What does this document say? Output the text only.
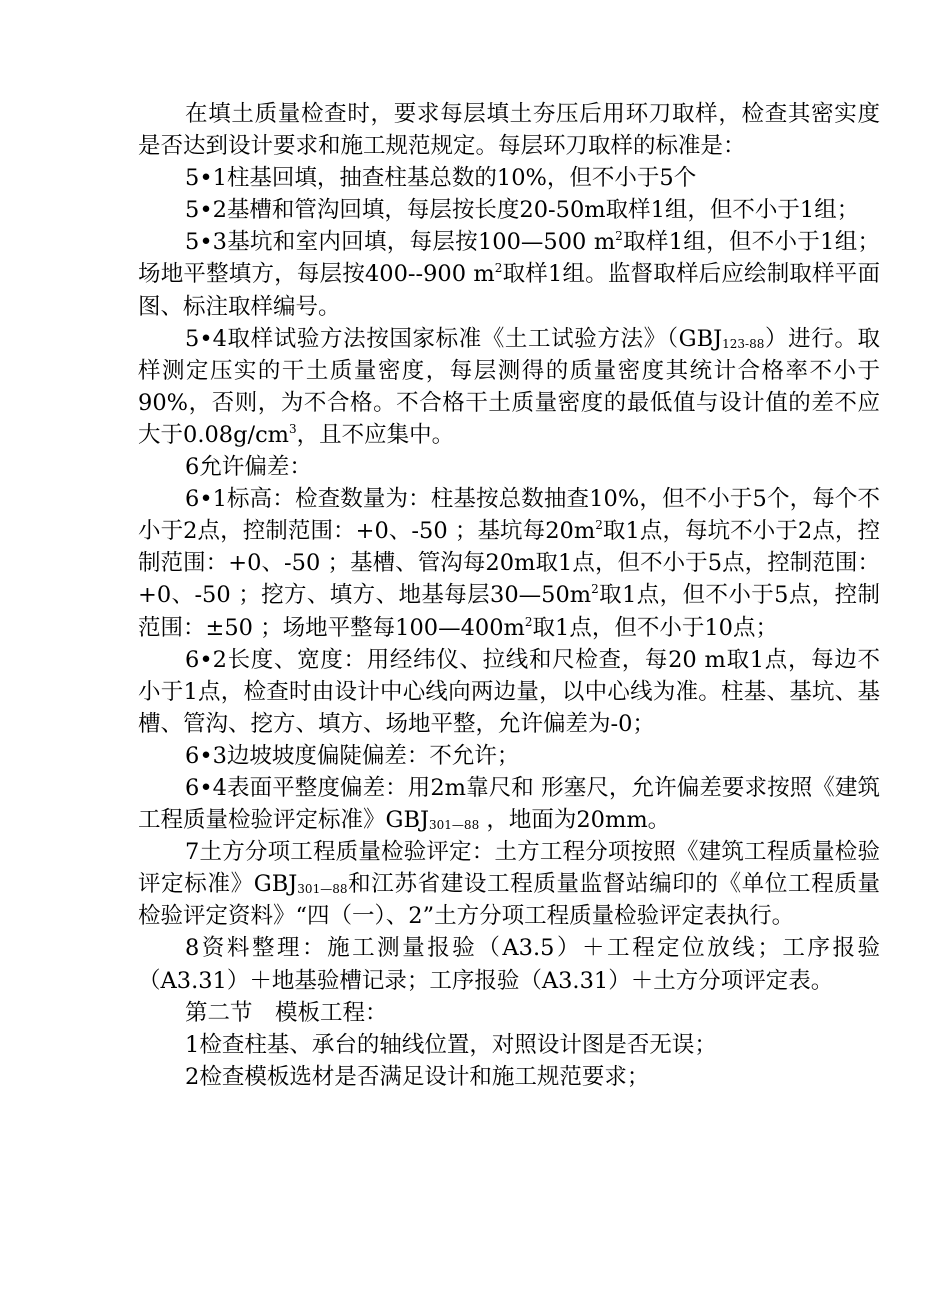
在填土质量检查时，要求每层填土夯压后用环刀取样，检查其密实度是否达到设计要求和施工规范规定。每层环刀取样的标准是：

5•1柱基回填，抽查柱基总数的10%，但不小于5个

5•2基槽和管沟回填，每层按长度20-50m取样1组，但不小于1组；

5•3基坑和室内回填，每层按100—500 $m^2$取样1组，但不小于1组；场地平整填方，每层按400--900 $m^2$取样1组。监督取样后应绘制取样平面图、标注取样编号。

5•4取样试验方法按国家标准《土工试验方法》$(GBJ_{123-88})$进行。取样测定压实的干土质量密度，每层测得的质量密度其统计合格率不小于90%，否则，为不合格。不合格干土质量密度的最低值与设计值的差不应大于$0.08g/cm^3$，且不应集中。

6允许偏差：

6•1标高：检查数量为：柱基按总数抽查10%，但不小于5个，每个不小于2点，控制范围：+0、-50 ；基坑每$20m^2$取1点，每坑不小于2点，控制范围：+0、-50 ；基槽、管沟每20m取1点，但不小于5点，控制范围：+0、-50 ；挖方、填方、地基每层$30—50m^2$取1点，但不小于5点，控制范围：±50 ；场地平整每$100—400m^2$取1点，但不小于10点；

6•2长度、宽度：用经纬仪、拉线和尺检查，每20 m取1点，每边不小于1点，检查时由设计中心线向两边量，以中心线为准。柱基、基坑、基槽、管沟、挖方、填方、场地平整，允许偏差为-0；

6•3边坡坡度偏陡偏差：不允许；

6•4表面平整度偏差：用2m靠尺和 形塞尺，允许偏差要求按照《建筑工程质量检验评定标准》$GBJ_{301—88}$ ，地面为20mm。

7土方分项工程质量检验评定：土方工程分项按照《建筑工程质量检验评定标准》$GBJ_{301—88}$和江苏省建设工程质量监督站编印的《单位工程质量检验评定资料》“四（一）、2”土方分项工程质量检验评定表执行。

8资料整理：施工测量报验（A3.5）＋工程定位放线；工序报验（A3.31）＋地基验槽记录；工序报验（A3.31）＋土方分项评定表。

第二节　模板工程：

1检查柱基、承台的轴线位置，对照设计图是否无误；

2检查模板选材是否满足设计和施工规范要求；
